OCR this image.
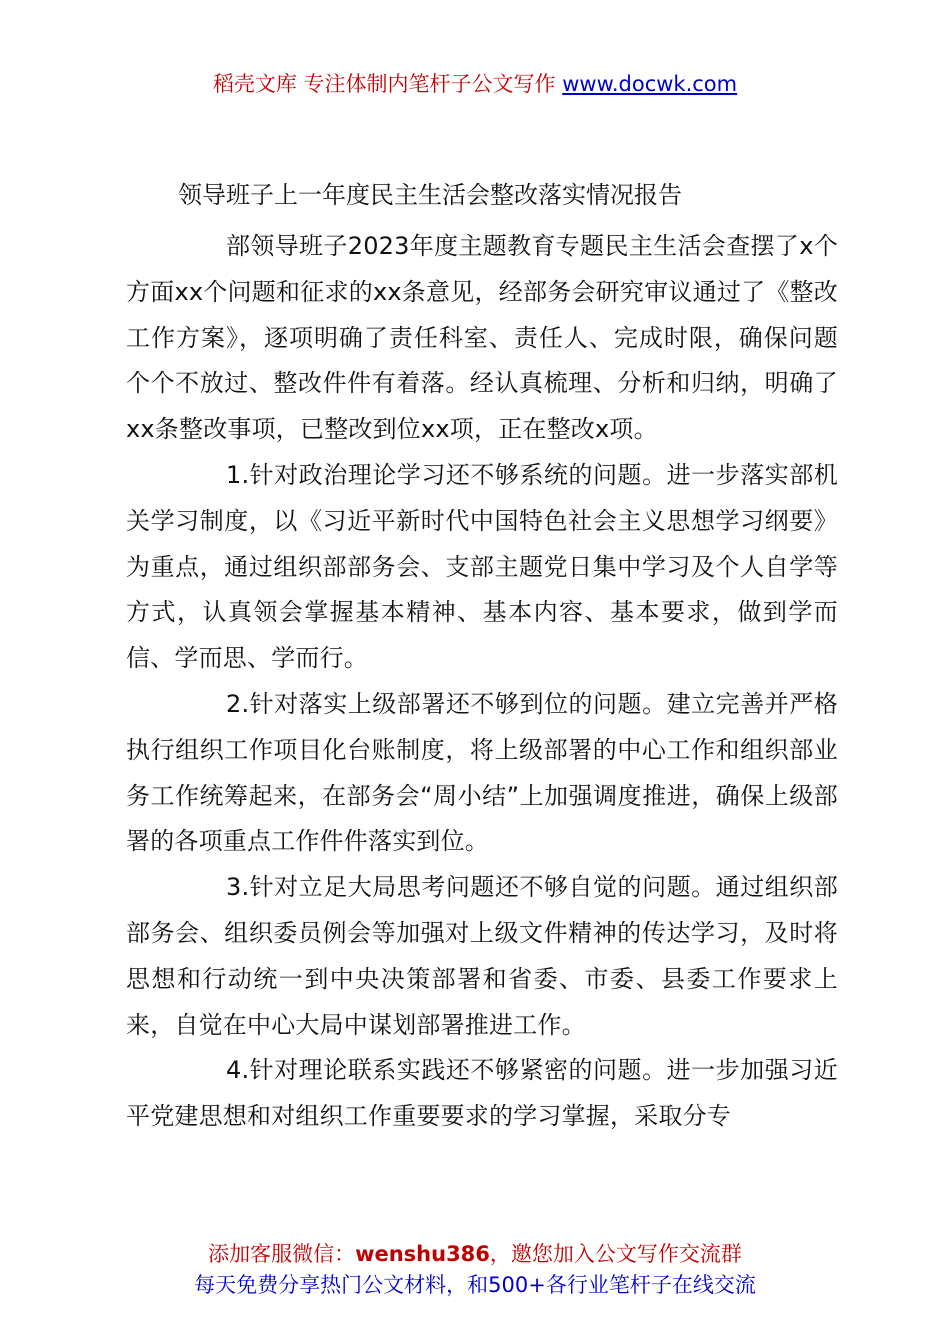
稻壳文库 专注体制内笔杆子公文写作 www.docwk.com
领导班子上一年度民主生活会整改落实情况报告

部领导班子2023年度主题教育专题民主生活会查摆了x个方面xx个问题和征求的xx条意见，经部务会研究审议通过了《整改工作方案》，逐项明确了责任科室、责任人、完成时限，确保问题个个不放过、整改件件有着落。经认真梳理、分析和归纳，明确了xx条整改事项，已整改到位xx项，正在整改x项。

1.针对政治理论学习还不够系统的问题。进一步落实部机关学习制度，以《习近平新时代中国特色社会主义思想学习纲要》为重点，通过组织部部务会、支部主题党日集中学习及个人自学等方式，认真领会掌握基本精神、基本内容、基本要求，做到学而信、学而思、学而行。

2.针对落实上级部署还不够到位的问题。建立完善并严格执行组织工作项目化台账制度，将上级部署的中心工作和组织部业务工作统筹起来，在部务会“周小结”上加强调度推进，确保上级部署的各项重点工作件件落实到位。

3.针对立足大局思考问题还不够自觉的问题。通过组织部部务会、组织委员例会等加强对上级文件精神的传达学习，及时将思想和行动统一到中央决策部署和省委、市委、县委工作要求上来，自觉在中心大局中谋划部署推进工作。

4.针对理论联系实践还不够紧密的问题。进一步加强习近平党建思想和对组织工作重要要求的学习掌握，采取分专

添加客服微信：wenshu386，邀您加入公文写作交流群
每天免费分享热门公文材料，和500+各行业笔杆子在线交流
